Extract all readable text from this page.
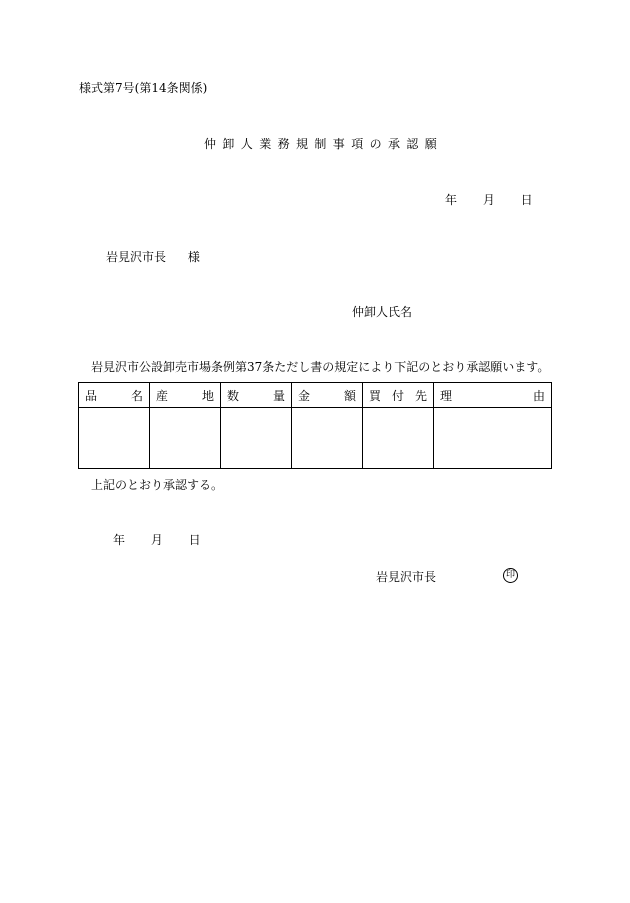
様式第7号(第14条関係)
仲卸人業務規制事項の承認願
年 月 日
岩見沢市長 様
仲卸人氏名
岩見沢市公設卸売市場条例第37条ただし書の規定により下記のとおり承認願います。
品 名	産 地	数 量	金 額	買 付 先	理 由

上記のとおり承認する。
年 月 日
岩見沢市長	印
